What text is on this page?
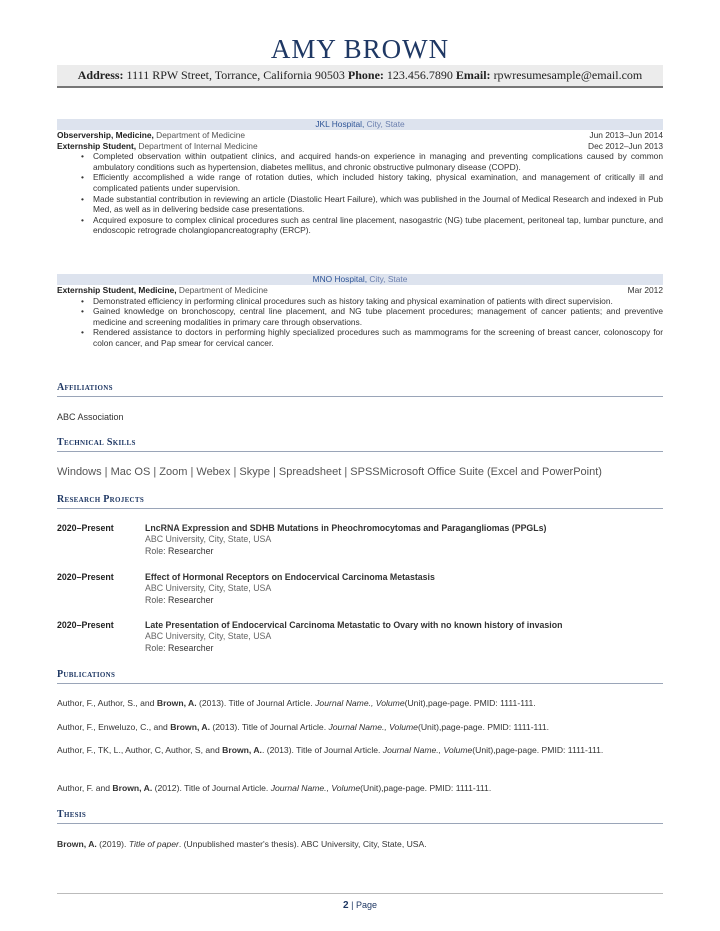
AMY BROWN
Address: 1111 RPW Street, Torrance, California 90503 Phone: 123.456.7890 Email: rpwresumesample@email.com
JKL Hospital, City, State
Observership, Medicine, Department of Medicine	Jun 2013–Jun 2014
Externship Student, Department of Internal Medicine	Dec 2012–Jun 2013
• Completed observation within outpatient clinics, and acquired hands-on experience in managing and preventing complications caused by common ambulatory conditions such as hypertension, diabetes mellitus, and chronic obstructive pulmonary disease (COPD).
• Efficiently accomplished a wide range of rotation duties, which included history taking, physical examination, and management of critically ill and complicated patients under supervision.
• Made substantial contribution in reviewing an article (Diastolic Heart Failure), which was published in the Journal of Medical Research and indexed in Pub Med, as well as in delivering bedside case presentations.
• Acquired exposure to complex clinical procedures such as central line placement, nasogastric (NG) tube placement, peritoneal tap, lumbar puncture, and endoscopic retrograde cholangiopancreatography (ERCP).
MNO Hospital, City, State
Externship Student, Medicine, Department of Medicine	Mar 2012
• Demonstrated efficiency in performing clinical procedures such as history taking and physical examination of patients with direct supervision.
• Gained knowledge on bronchoscopy, central line placement, and NG tube placement procedures; management of cancer patients; and preventive medicine and screening modalities in primary care through observations.
• Rendered assistance to doctors in performing highly specialized procedures such as mammograms for the screening of breast cancer, colonoscopy for colon cancer, and Pap smear for cervical cancer.
Affiliations
ABC Association
Technical Skills
Windows | Mac OS | Zoom | Webex | Skype | Spreadsheet | SPSSMicrosoft Office Suite (Excel and PowerPoint)
Research Projects
2020–Present	LncRNA Expression and SDHB Mutations in Pheochromocytomas and Paragangliomas (PPGLs)
ABC University, City, State, USA
Role: Researcher
2020–Present	Effect of Hormonal Receptors on Endocervical Carcinoma Metastasis
ABC University, City, State, USA
Role: Researcher
2020–Present	Late Presentation of Endocervical Carcinoma Metastatic to Ovary with no known history of invasion
ABC University, City, State, USA
Role: Researcher
Publications
Author, F., Author, S., and Brown, A. (2013). Title of Journal Article. Journal Name., Volume(Unit),page-page. PMID: 1111-111.
Author, F., Enweluzo, C., and Brown, A. (2013). Title of Journal Article. Journal Name., Volume(Unit),page-page. PMID: 1111-111.
Author, F., TK, L., Author, C, Author, S, and Brown, A.. (2013). Title of Journal Article. Journal Name., Volume(Unit),page-page. PMID: 1111-111.
Author, F. and Brown, A. (2012). Title of Journal Article. Journal Name., Volume(Unit),page-page. PMID: 1111-111.
Thesis
Brown, A. (2019). Title of paper. (Unpublished master's thesis). ABC University, City, State, USA.
2 | Page
